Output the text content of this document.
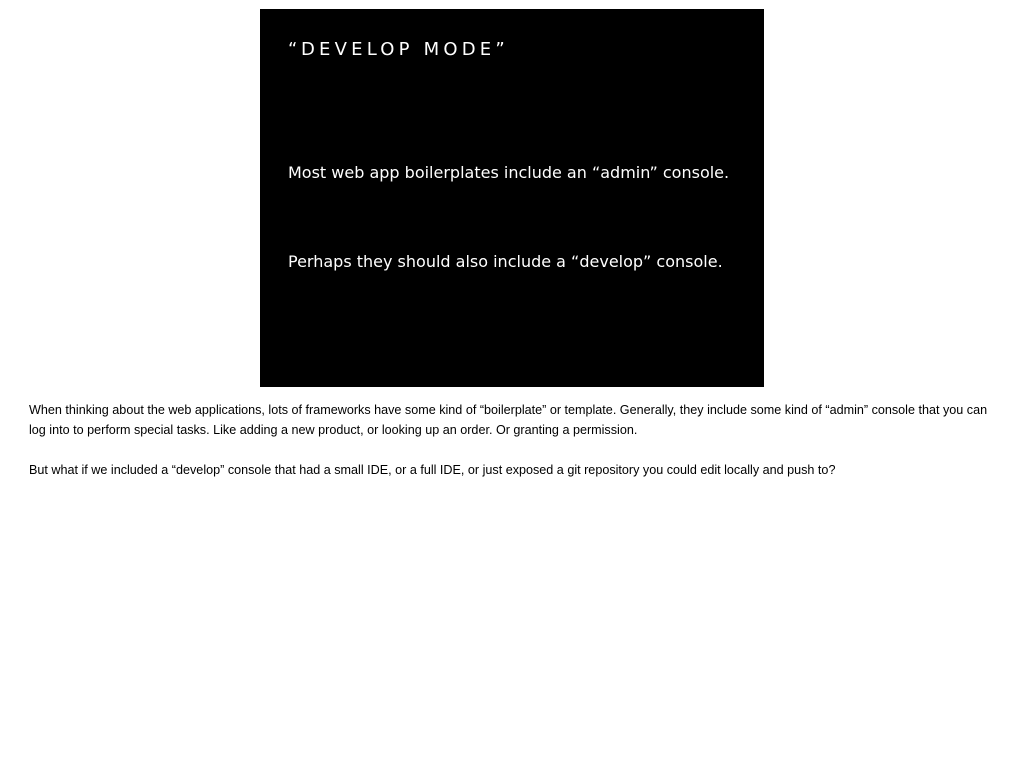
“DEVELOP MODE”

Most web app boilerplates include an “admin” console.

Perhaps they should also include a “develop” console.

When thinking about the web applications, lots of frameworks have some kind of “boilerplate” or template. Generally, they include some kind of “admin” console that you can log into to perform special tasks. Like adding a new product, or looking up an order. Or granting a permission.

But what if we included a “develop” console that had a small IDE, or a full IDE, or just exposed a git repository you could edit locally and push to?
